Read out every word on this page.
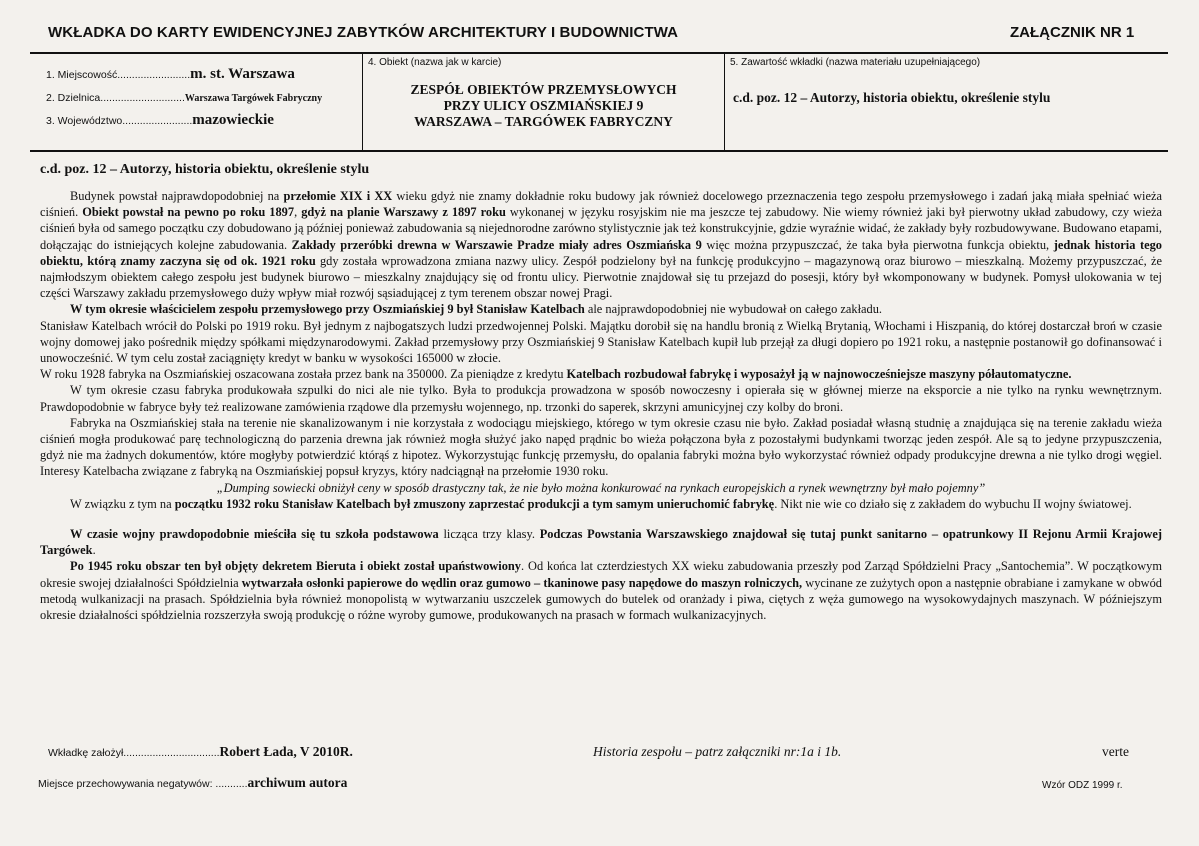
WKŁADKA DO KARTY EWIDENCYJNEJ ZABYTKÓW ARCHITEKTURY I BUDOWNICTWA	ZAŁĄCZNIK NR 1
1. Miejscowość.........................m. st. Warszawa
2. Dzielnica.............................Warszawa Targówek Fabryczny
3. Województwo........................mazowieckie
4. Obiekt (nazwa jak w karcie)
ZESPÓŁ OBIEKTÓW PRZEMYSŁOWYCH
PRZY ULICY OSZMIAŃSKIEJ 9
WARSZAWA – TARGÓWEK FABRYCZNY
5. Zawartość wkładki (nazwa materiału uzupełniającego)
c.d. poz. 12 – Autorzy, historia obiektu, określenie stylu
c.d. poz. 12 – Autorzy, historia obiektu, określenie stylu

Budynek powstał najprawdopodobniej na przełomie XIX i XX wieku gdyż nie znamy dokładnie roku budowy jak również docelowego przeznaczenia tego zespołu przemysłowego i zadań jaką miała spełniać wieża ciśnień. Obiekt powstał na pewno po roku 1897, gdyż na planie Warszawy z 1897 roku wykonanej w języku rosyjskim nie ma jeszcze tej zabudowy. Nie wiemy również jaki był pierwotny układ zabudowy, czy wieża ciśnień była od samego początku czy dobudowano ją później ponieważ zabudowania są niejednorodne zarówno stylistycznie jak też konstrukcyjnie, gdzie wyraźnie widać, że zakłady były rozbudowywane. Budowano etapami, dołączając do istniejących kolejne zabudowania. Zakłady przeróbki drewna w Warszawie Pradze miały adres Oszmiańska 9 więc można przypuszczać, że taka była pierwotna funkcja obiektu, jednak historia tego obiektu, którą znamy zaczyna się od ok. 1921 roku gdy została wprowadzona zmiana nazwy ulicy. Zespół podzielony był na funkcję produkcyjno – magazynową oraz biurowo – mieszkalną. Możemy przypuszczać, że najmłodszym obiektem całego zespołu jest budynek biurowo – mieszkalny znajdujący się od frontu ulicy. Pierwotnie znajdował się tu przejazd do posesji, który był wkomponowany w budynek. Pomysł ulokowania w tej części Warszawy zakładu przemysłowego duży wpływ miał rozwój sąsiadującej z tym terenem obszar nowej Pragi.

W tym okresie właścicielem zespołu przemysłowego przy Oszmiańskiej 9 był Stanisław Katelbach ale najprawdopodobniej nie wybudował on całego zakładu.

Stanisław Katelbach wrócił do Polski po 1919 roku. Był jednym z najbogatszych ludzi przedwojennej Polski. Majątku dorobił się na handlu bronią z Wielką Brytanią, Włochami i Hiszpanią, do której dostarczał broń w czasie wojny domowej jako pośrednik między spółkami międzynarodowymi. Zakład przemysłowy przy Oszmiańskiej 9 Stanisław Katelbach kupił lub przejął za długi dopiero po 1921 roku, a następnie postanowił go dofinansować i unowocześnić. W tym celu został zaciągnięty kredyt w banku w wysokości 165000 w złocie.

W roku 1928 fabryka na Oszmiańskiej oszacowana została przez bank na 350000. Za pieniądze z kredytu Katelbach rozbudował fabrykę i wyposażył ją w najnowocześniejsze maszyny półautomatyczne.

W tym okresie czasu fabryka produkowała szpulki do nici ale nie tylko. Była to produkcja prowadzona w sposób nowoczesny i opierała się w głównej mierze na eksporcie a nie tylko na rynku wewnętrznym. Prawdopodobnie w fabryce były też realizowane zamówienia rządowe dla przemysłu wojennego, np. trzonki do saperek, skrzyni amunicyjnej czy kolby do broni.

Fabryka na Oszmiańskiej stała na terenie nie skanalizowanym i nie korzystała z wodociągu miejskiego, którego w tym okresie czasu nie było. Zakład posiadał własną studnię a znajdująca się na terenie zakładu wieża ciśnień mogła produkować parę technologiczną do parzenia drewna jak również mogła służyć jako napęd prądnic bo wieża połączona była z pozostałymi budynkami tworząc jeden zespół. Ale są to jedyne przypuszczenia, gdyż nie ma żadnych dokumentów, które mogłyby potwierdzić którąś z hipotez. Wykorzystując funkcję przemysłu, do opalania fabryki można było wykorzystać również odpady produkcyjne drewna a nie tylko drogi węgiel. Interesy Katelbacha związane z fabryką na Oszmiańskiej popsuł kryzys, który nadciągnął na przełomie 1930 roku.

„Dumping sowiecki obniżył ceny w sposób drastyczny tak, że nie było można konkurować na rynkach europejskich a rynek wewnętrzny był mało pojemny”

W związku z tym na początku 1932 roku Stanisław Katelbach był zmuszony zaprzestać produkcji a tym samym unieruchomić fabrykę. Nikt nie wie co działo się z zakładem do wybuchu II wojny światowej.

W czasie wojny prawdopodobnie mieściła się tu szkoła podstawowa licząca trzy klasy. Podczas Powstania Warszawskiego znajdował się tutaj punkt sanitarno – opatrunkowy II Rejonu Armii Krajowej Targówek.

Po 1945 roku obszar ten był objęty dekretem Bieruta i obiekt został upaństwowiony. Od końca lat czterdziestych XX wieku zabudowania przeszły pod Zarząd Spółdzielni Pracy „Santochemia”. W początkowym okresie swojej działalności Spółdzielnia wytwarzała osłonki papierowe do wędlin oraz gumowo – tkaninowe pasy napędowe do maszyn rolniczych, wycinane ze zużytych opon a następnie obrabiane i zamykane w obwód metodą wulkanizacji na prasach. Spółdzielnia była również monopolistą w wytwarzaniu uszczelek gumowych do butelek od oranżady i piwa, ciętych z węża gumowego na wysokowydajnych maszynach. W późniejszym okresie działalności spółdzielnia rozszerzyła swoją produkcję o różne wyroby gumowe, produkowanych na prasach w formach wulkanizacyjnych.

Wkładkę założył.................................Robert Łada, V 2010R.
Miejsce przechowywania negatywów: ...........archiwum autora
Historia zespołu – patrz załączniki nr:1a i 1b.	verte
Wzór ODZ 1999 r.
